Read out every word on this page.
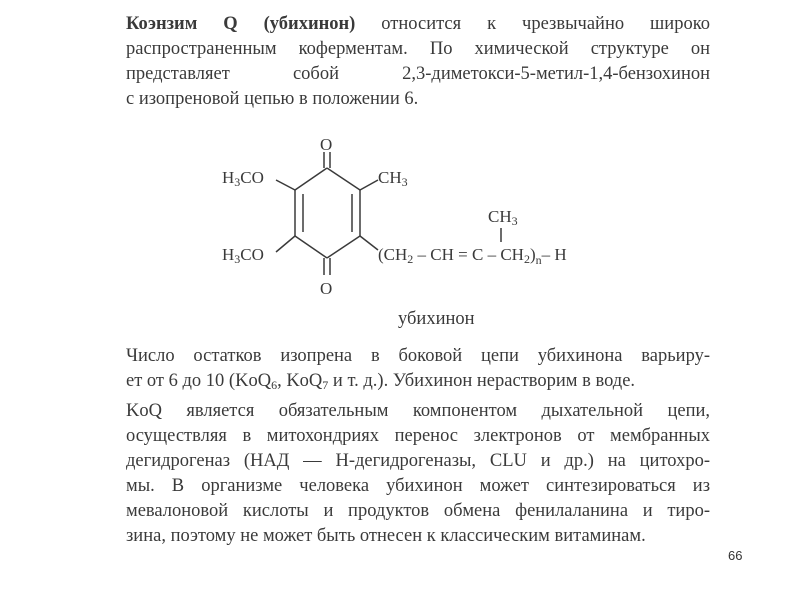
Коэнзим Q (убихинон) относится к чрезвычайно широко
распространенным коферментам. По химической структуре он
представляет собой 2,3-диметокси-5-метил-1,4-бензохинон
с изопреновой цепью в положении 6.
O
O
H3CO
H3CO
CH3
CH3
(CH2 – CH = C – $CH2)_n-$ H
убихинон
Число остатков изопрена в боковой цепи убихинона варьиру-
ет от 6 до 10 (KoQ$_6$, KoQ$_7$ и т. д.). Убихинон нерастворим в воде.
KoQ является обязательным компонентом дыхательной цепи,
осуществляя в митохондриях перенос злектронов от мембранных
дегидрогеназ (НАД — Н-дегидрогеназы, CLU и др.) на цитохро-
мы. В организме человека убихинон может синтезироваться из
мевалоновой кислоты и продуктов обмена фенилаланина и тиро-
зина, поэтому не может быть отнесен к классическим витаминам.
66
